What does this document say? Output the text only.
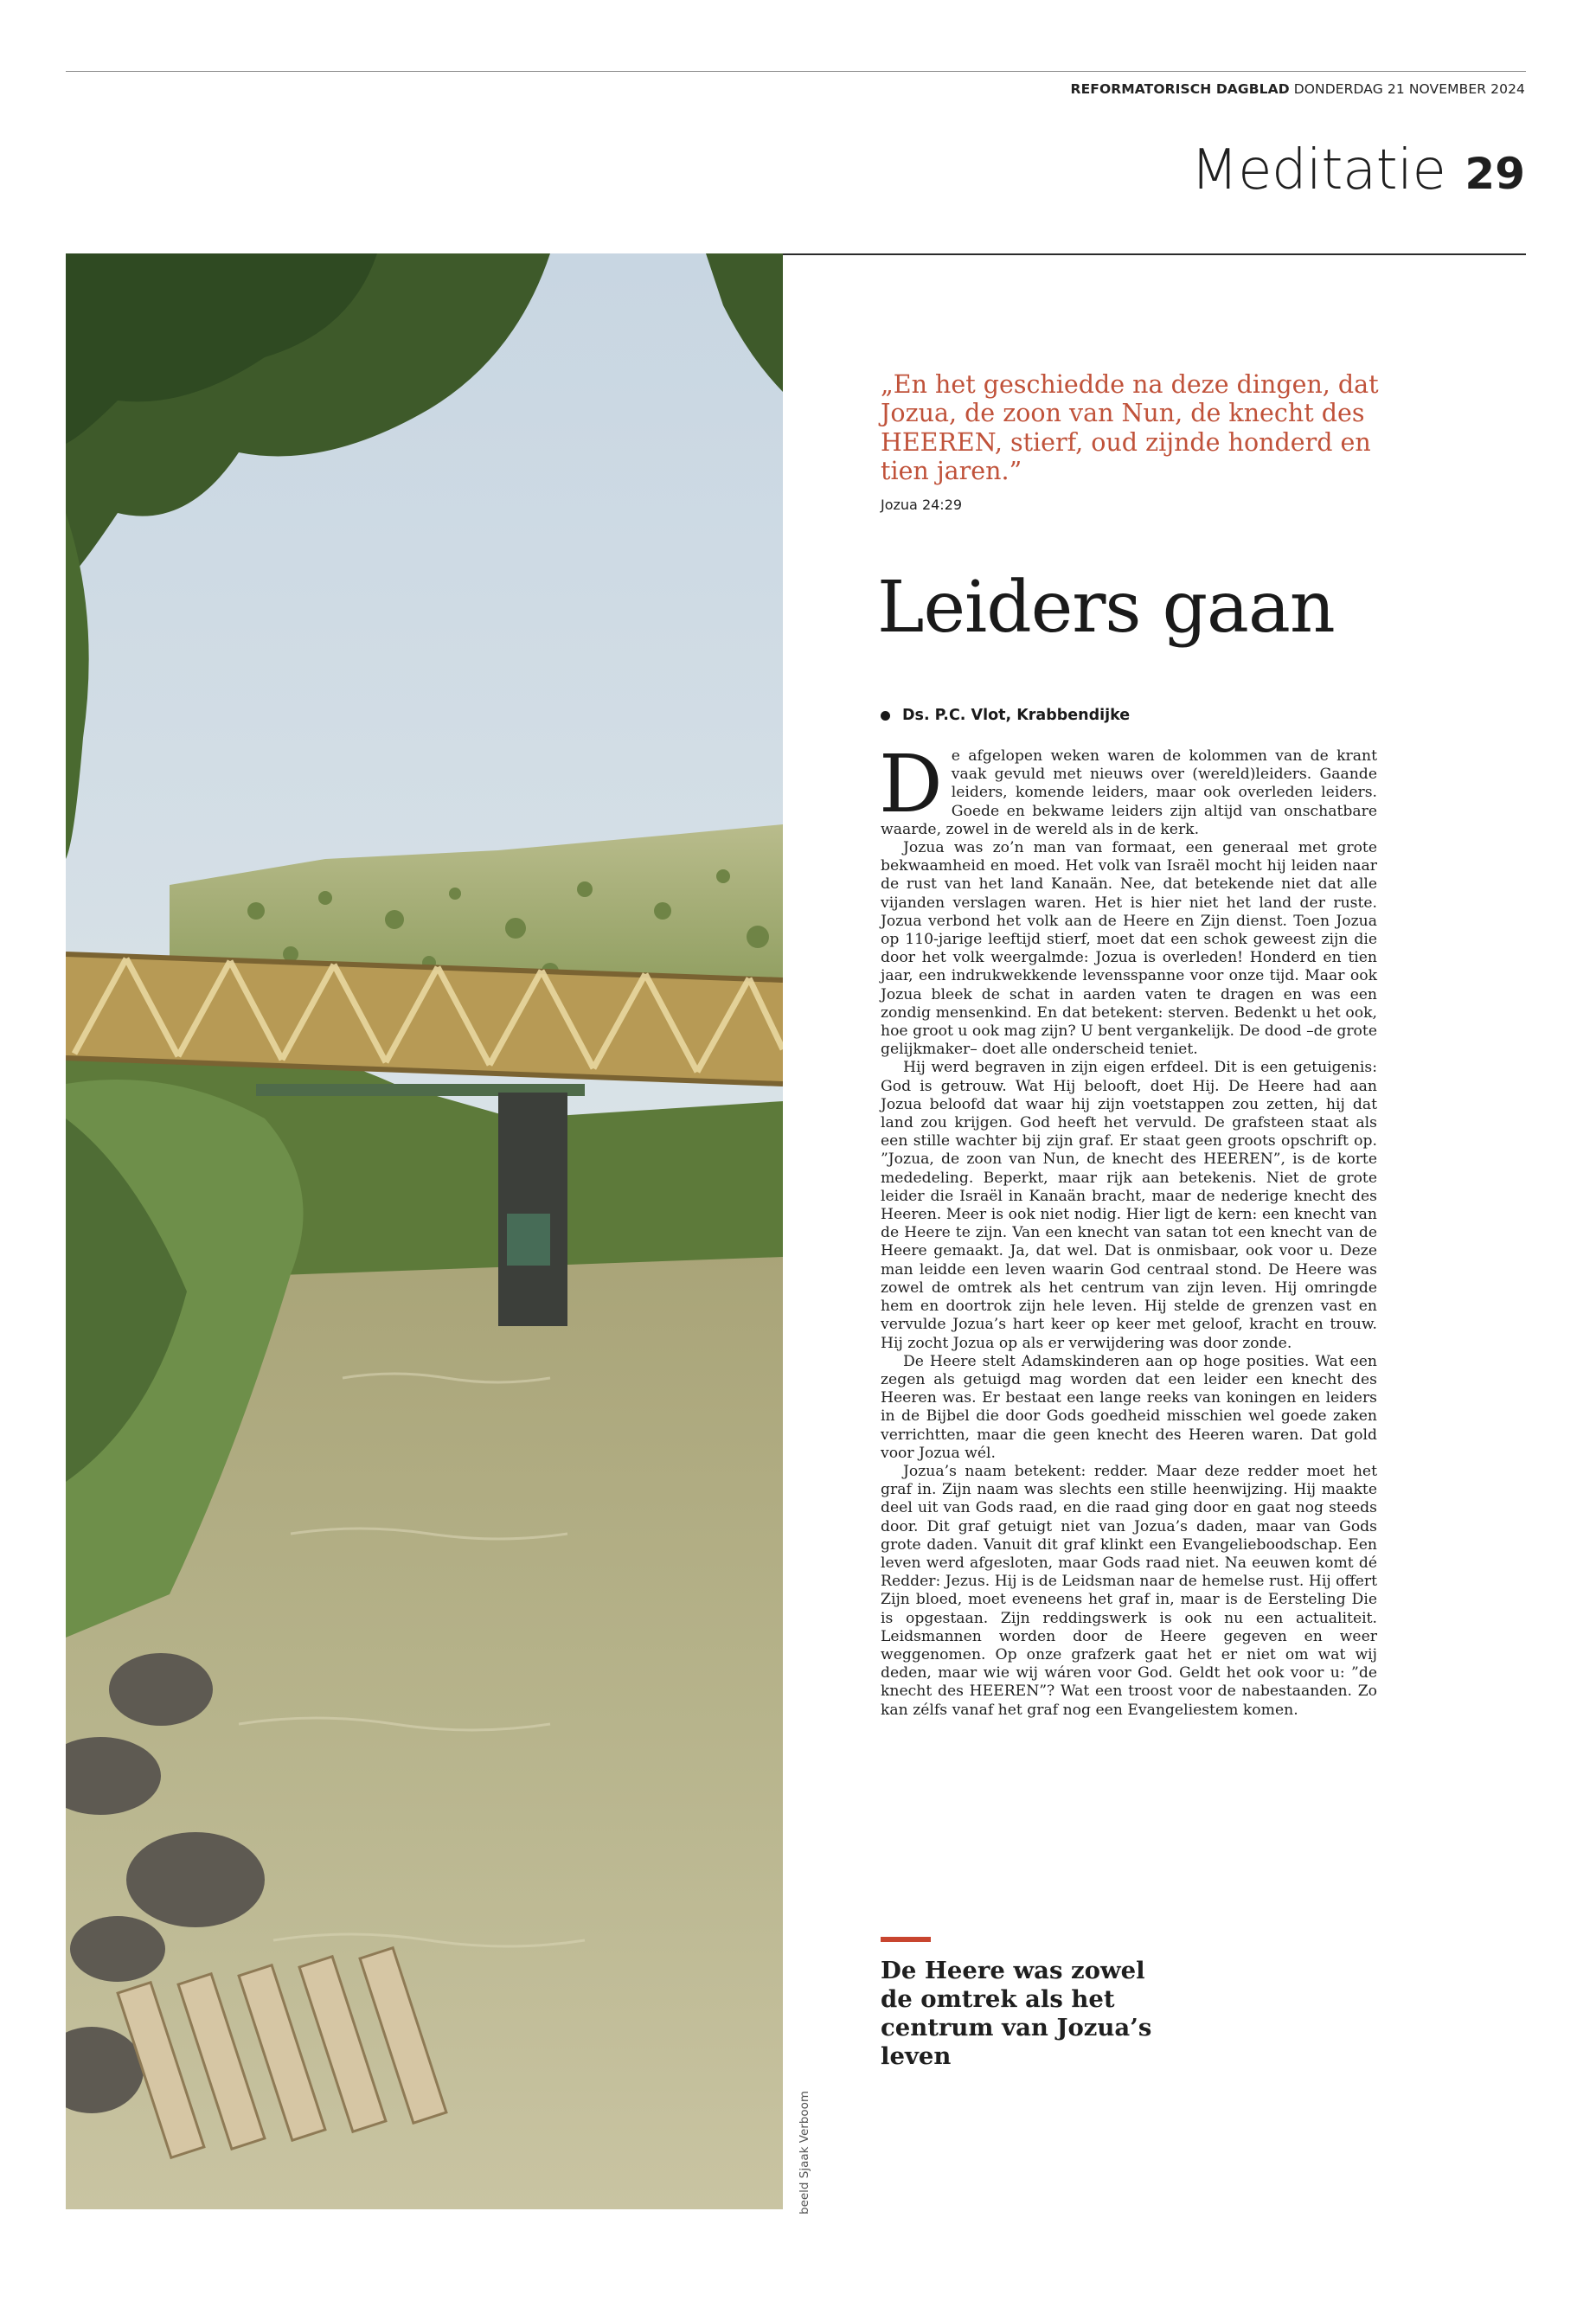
REFORMATORISCH DAGBLAD DONDERDAG 21 NOVEMBER 2024
Meditatie 29
beeld Sjaak Verboom
„En het geschiedde na deze dingen, dat Jozua, de zoon van Nun, de knecht des HEEREN, stierf, oud zijnde honderd en tien jaren.”
Jozua 24:29
Leiders gaan
Ds. P.C. Vlot, Krabbendijke

De afgelopen weken waren de kolommen van de krant vaak gevuld met nieuws over (wereld)leiders. Gaande leiders, komende leiders, maar ook overleden leiders. Goede en bekwame leiders zijn altijd van onschatbare waarde, zowel in de wereld als in de kerk.

Jozua was zo’n man van formaat, een generaal met grote bekwaamheid en moed. Het volk van Israël mocht hij leiden naar de rust van het land Kanaän. Nee, dat betekende niet dat alle vijanden verslagen waren. Het is hier niet het land der ruste. Jozua verbond het volk aan de Heere en Zijn dienst. Toen Jozua op 110-jarige leeftijd stierf, moet dat een schok geweest zijn die door het volk weergalmde: Jozua is overleden! Honderd en tien jaar, een indrukwekkende levensspanne voor onze tijd. Maar ook Jozua bleek de schat in aarden vaten te dragen en was een zondig mensenkind. En dat betekent: sterven. Bedenkt u het ook, hoe groot u ook mag zijn? U bent vergankelijk. De dood –de grote gelijkmaker– doet alle onderscheid teniet.

Hij werd begraven in zijn eigen erfdeel. Dit is een getuigenis: God is getrouw. Wat Hij belooft, doet Hij. De Heere had aan Jozua beloofd dat waar hij zijn voetstappen zou zetten, hij dat land zou krijgen. God heeft het vervuld. De grafsteen staat als een stille wachter bij zijn graf. Er staat geen groots opschrift op. ”Jozua, de zoon van Nun, de knecht des HEEREN”, is de korte mededeling. Beperkt, maar rijk aan betekenis. Niet de grote leider die Israël in Kanaän bracht, maar de nederige knecht des Heeren. Meer is ook niet nodig. Hier ligt de kern: een knecht van de Heere te zijn. Van een knecht van satan tot een knecht van de Heere gemaakt. Ja, dat wel. Dat is onmisbaar, ook voor u. Deze man leidde een leven waarin God centraal stond. De Heere was zowel de omtrek als het centrum van zijn leven. Hij omringde hem en doortrok zijn hele leven. Hij stelde de grenzen vast en vervulde Jozua’s hart keer op keer met geloof, kracht en trouw. Hij zocht Jozua op als er verwijdering was door zonde.

De Heere stelt Adamskinderen aan op hoge posities. Wat een zegen als getuigd mag worden dat een leider een knecht des Heeren was. Er bestaat een lange reeks van koningen en leiders in de Bijbel die door Gods goedheid misschien wel goede zaken verrichtten, maar die geen knecht des Heeren waren. Dat gold voor Jozua wél.

Jozua’s naam betekent: redder. Maar deze redder moet het graf in. Zijn naam was slechts een stille heenwijzing. Hij maakte deel uit van Gods raad, en die raad ging door en gaat nog steeds door. Dit graf getuigt niet van Jozua’s daden, maar van Gods grote daden. Vanuit dit graf klinkt een Evangelieboodschap. Een leven werd afgesloten, maar Gods raad niet. Na eeuwen komt dé Redder: Jezus. Hij is de Leidsman naar de hemelse rust. Hij offert Zijn bloed, moet eveneens het graf in, maar is de Eersteling Die is opgestaan. Zijn reddingswerk is ook nu een actualiteit. Leidsmannen worden door de Heere gegeven en weer weggenomen. Op onze grafzerk gaat het er niet om wat wij deden, maar wie wij wáren voor God. Geldt het ook voor u: ”de knecht des HEEREN”? Wat een troost voor de nabestaanden. Zo kan zélfs vanaf het graf nog een Evangeliestem komen.

De Heere was zowel de omtrek als het centrum van Jozua’s leven
